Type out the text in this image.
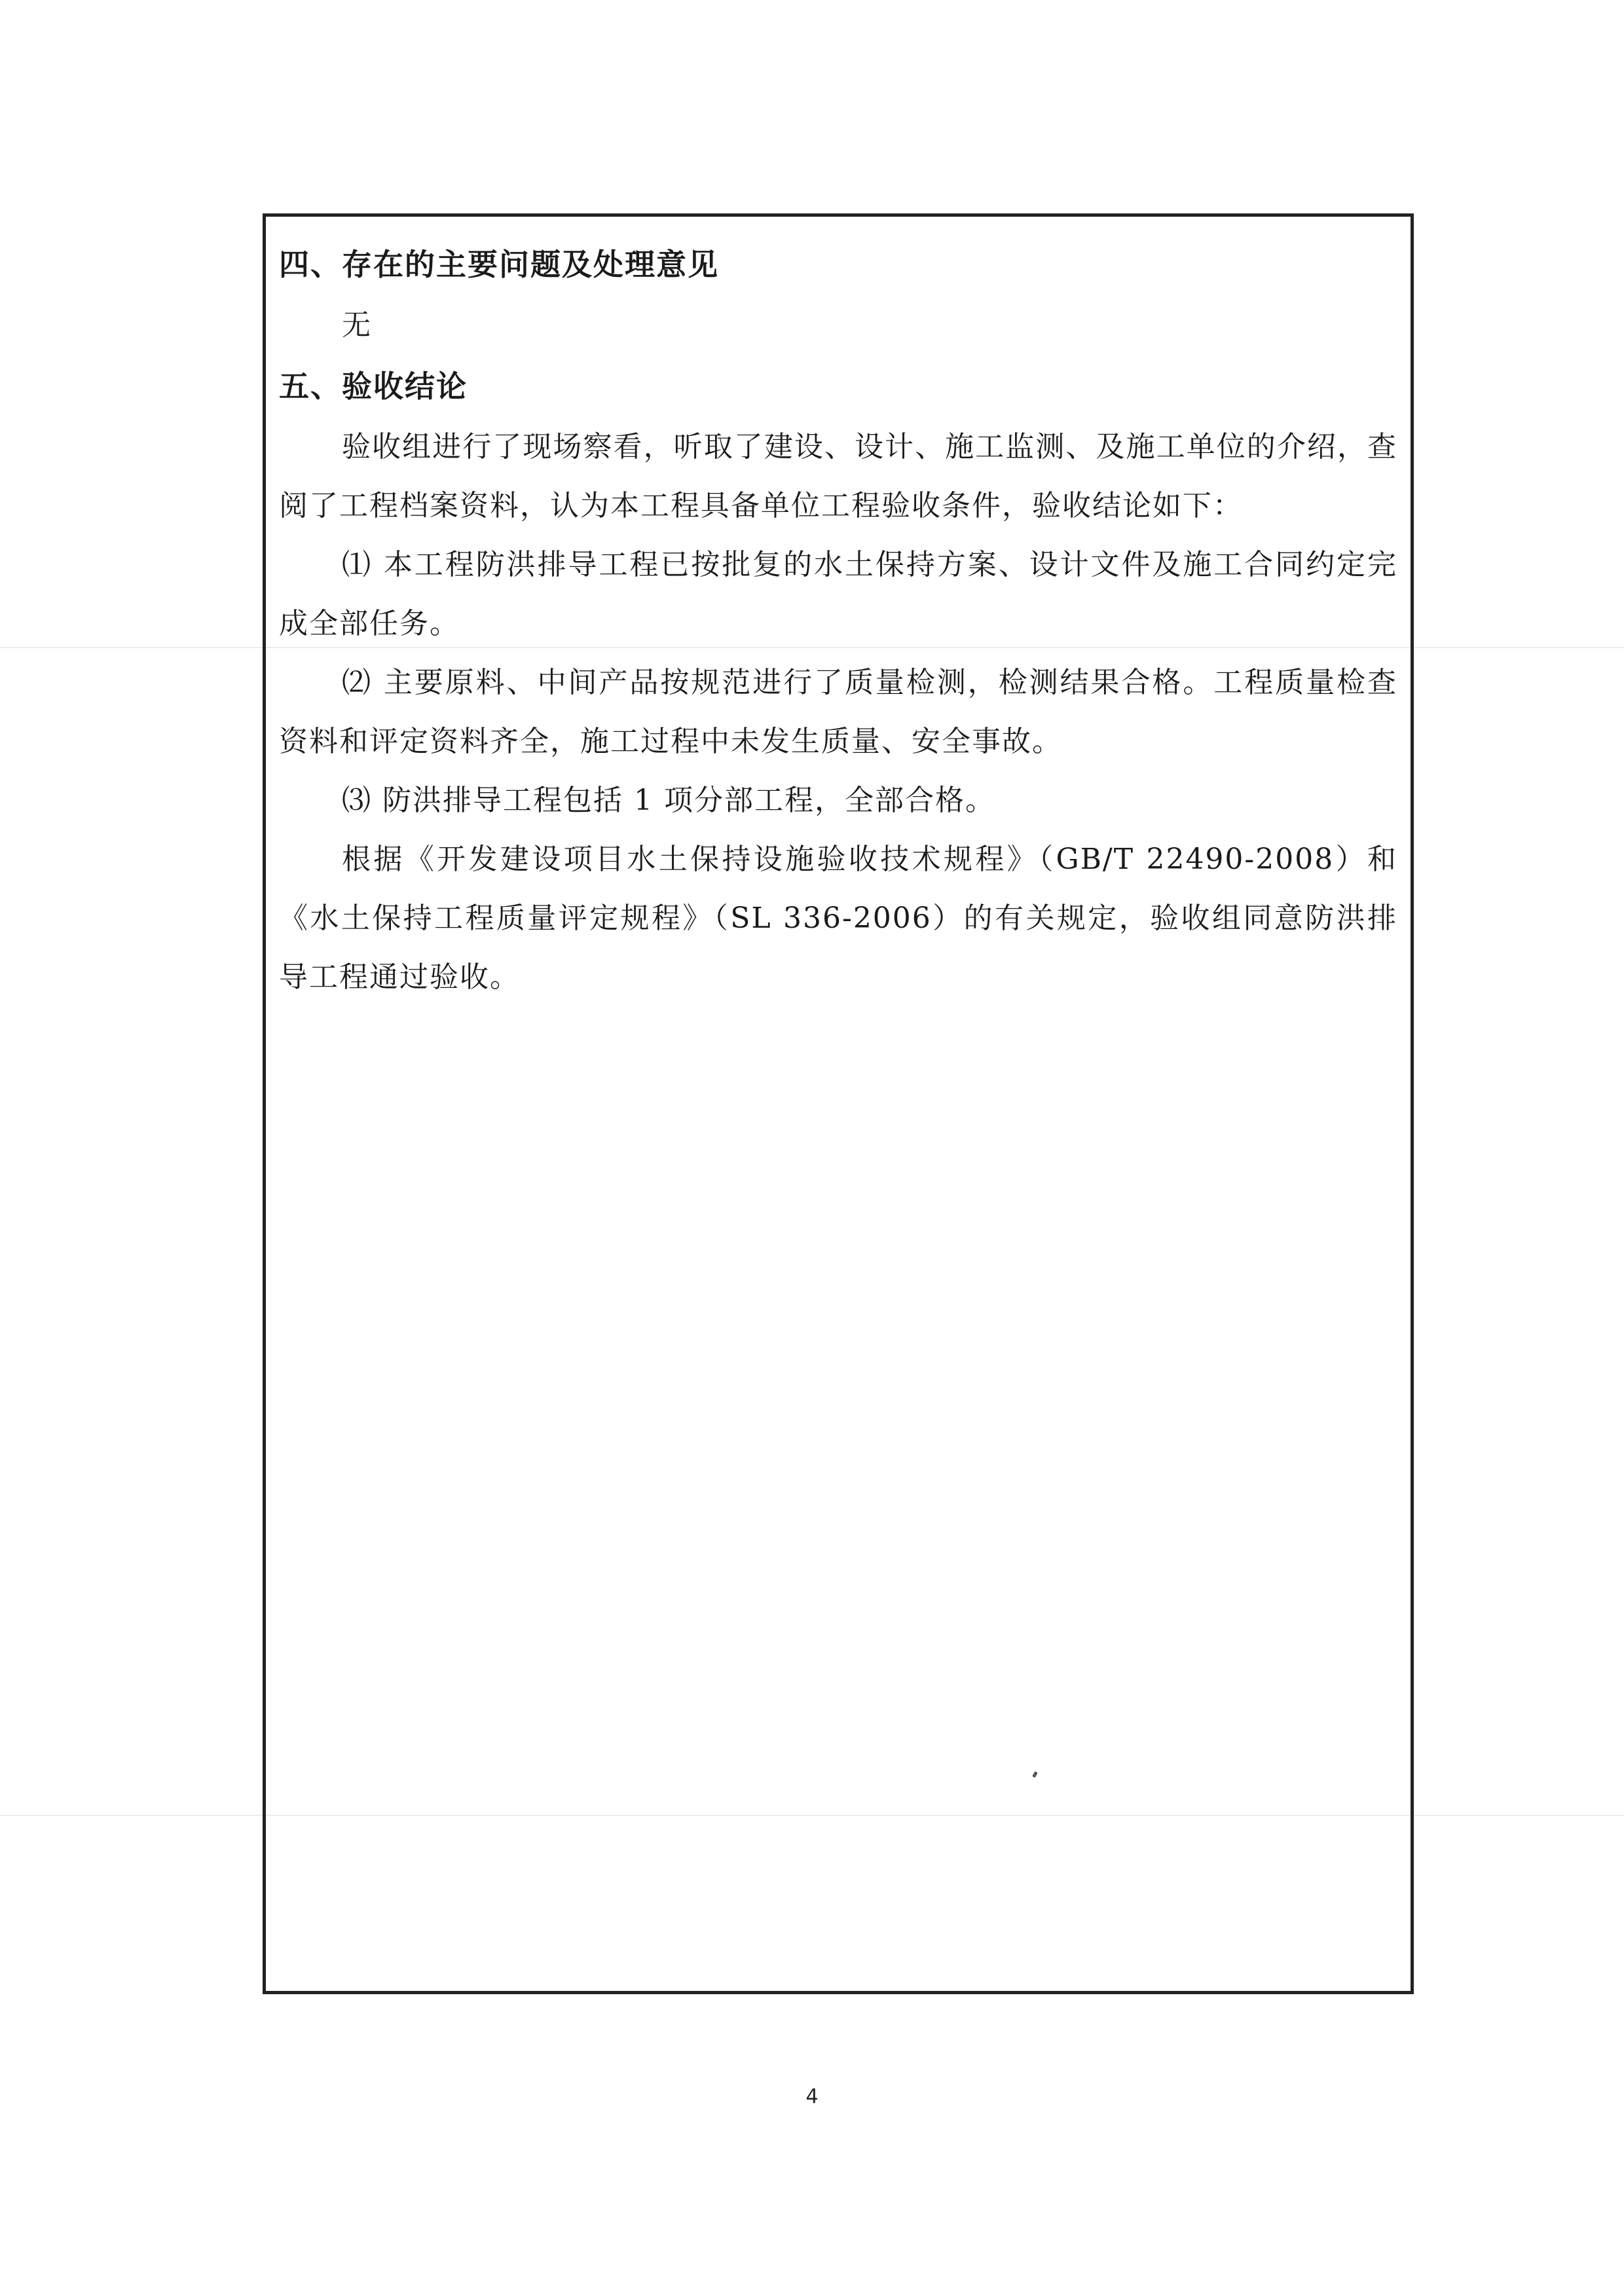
四、存在的主要问题及处理意见

无

五、验收结论

验收组进行了现场察看，听取了建设、设计、施工监测、及施工单位的介绍，查阅了工程档案资料，认为本工程具备单位工程验收条件，验收结论如下：

⑴ 本工程防洪排导工程已按批复的水土保持方案、设计文件及施工合同约定完成全部任务。

⑵ 主要原料、中间产品按规范进行了质量检测，检测结果合格。工程质量检查资料和评定资料齐全，施工过程中未发生质量、安全事故。

⑶ 防洪排导工程包括 1 项分部工程，全部合格。

根据《开发建设项目水土保持设施验收技术规程》（GB/T 22490-2008）和《水土保持工程质量评定规程》（SL 336-2006）的有关规定，验收组同意防洪排导工程通过验收。

4
